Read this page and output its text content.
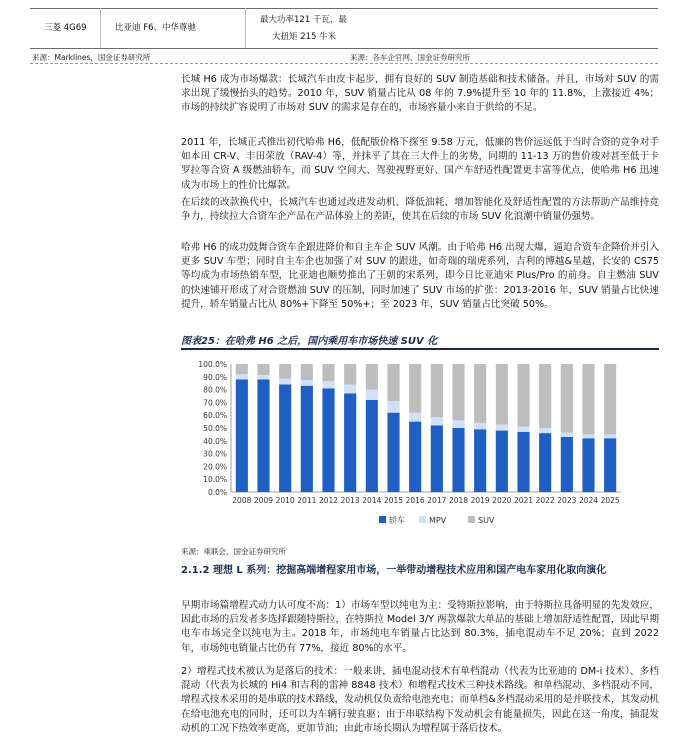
三菱 4G69	比亚迪 F6、中华尊驰
最大功率121 千瓦，最
大扭矩 215 牛米
来源：Marklines，国金证券研究所	来源：各车企官网，国金证券研究所
长城 H6 成为市场爆款：长城汽车由皮卡起步，拥有良好的 SUV 制造基础和技术储备。并且，市场对 SUV 的需求出现了缓慢抬头的趋势。2010 年，SUV 销量占比从 08 年的 7.9%提升至 10 年的 11.8%，上涨接近 4%；市场的持续扩容说明了市场对 SUV 的需求是存在的，市场容量小来自于供给的不足。
2011 年，长城正式推出初代哈弗 H6，低配版价格下探至 9.58 万元，低廉的售价远远低于当时合资的竞争对手如本田 CR-V、丰田荣放（RAV-4）等，并抹平了其在三大件上的劣势，同期的 11-13 万的售价竣对甚至低于卡罗拉等合资 A 级燃油轿车，而 SUV 空间大、驾驶视野更好、国产车舒适性配置更丰富等优点，使哈弗 H6 迅速成为市场上的性价比爆款。
在后续的改款换代中，长城汽车也通过改进发动机、降低油耗、增加智能化及舒适性配置的方法帮助产品维持竞争力，持续拉大合资车企产品在产品体验上的差距，使其在后续的市场 SUV 化浪潮中销量仍强势。
哈弗 H6 的成功鼓舞合资车企跟进降价和自主车企 SUV 风潮。由于哈弗 H6 出现大爆，逼迫合资车企降价并引入更多 SUV 车型；同时自主车企也加强了对 SUV 的跟进，如奇瑞的瑞虎系列，吉利的博越&星越，长安的 CS75 等均成为市场热销车型，比亚迪也顺势推出了王朝的宋系列，即今日比亚迪宋 Plus/Pro 的前身。自主燃油 SUV 的快速铺开形成了对合资燃油 SUV 的压制，同时加速了 SUV 市场的扩张：2013-2016 年，SUV 销量占比快速提升，轿车销量占比从 80%+下降至 50%+；至 2023 年，SUV 销量占比突破 50%。
图表25：在哈弗 H6 之后，国内乘用车市场快速 SUV 化
0.0%
10.0%
20.0%
30.0%
40.0%
50.0%
60.0%
70.0%
80.0%
90.0%
100.0%
2008 2009 2010 2011 2012 2013 2014 2015 2016 2017 2018 2019 2020 2021 2022 2023 2024 2025
轿车	MPV	SUV
来源：乘联会，国金证券研究所
2.1.2 理想 L 系列：挖掘高端增程家用市场，一举带动增程技术应用和国产电车家用化取向演化
早期市场篇增程式动力认可度不高：1）市场车型以纯电为主：受特斯拉影响，由于特斯拉具备明显的先发效应，因此市场的后发者多选择跟随特斯拉，在特斯拉 Model 3/Y 两款爆款大单品的基础上增加舒适性配置，因此早期电车市场完全以纯电为主。2018 年，市场纯电车销量占比达到 80.3%，插电混动车不足 20%；直到 2022 年，市场纯电销量占比仍有 77%，接近 80%的水平。
2）增程式技术被认为是落后的技术：一般来讲，插电混动技术有单档混动（代表为比亚迪的 DM-i 技术）、多档混动（代表为长城的 Hi4 和吉利的雷神 8848 技术）和增程式技术三种技术路线。和单档混动、多档混动不同，增程式技术采用的是串联的技术路线，发动机仅负责给电池充电；而单档&多档混动采用的是并联技术，其发动机在给电池充电的同时，还可以为车辆行驶直驱；由于串联结构下发动机会有能量损失，因此在这一角度，插混发动机的工况下热效率更高，更加节油；由此市场长期认为增程属于落后技术。
